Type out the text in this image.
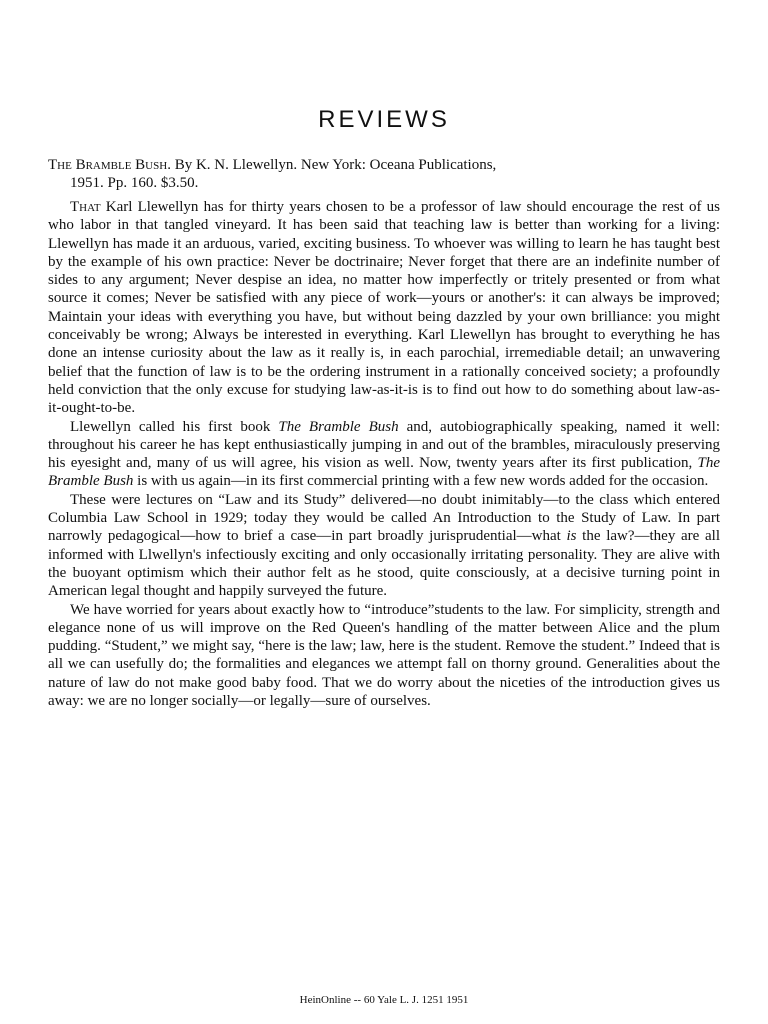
REVIEWS

The Bramble Bush. By K. N. Llewellyn. New York: Oceana Publications,
1951. Pp. 160. $3.50.

That Karl Llewellyn has for thirty years chosen to be a professor of law should encourage the rest of us who labor in that tangled vineyard. It has been said that teaching law is better than working for a living: Llewellyn has made it an arduous, varied, exciting business. To whoever was willing to learn he has taught best by the example of his own practice: Never be doctrinaire; Never forget that there are an indefinite number of sides to any argument; Never despise an idea, no matter how imperfectly or tritely presented or from what source it comes; Never be satisfied with any piece of work—yours or another's: it can always be improved; Maintain your ideas with everything you have, but without being dazzled by your own brilliance: you might conceivably be wrong; Always be interested in everything. Karl Llewellyn has brought to everything he has done an intense curiosity about the law as it really is, in each parochial, irremediable detail; an unwavering belief that the function of law is to be the ordering instrument in a rationally conceived society; a profoundly held conviction that the only excuse for studying law-as-it-is is to find out how to do something about law-as-it-ought-to-be.

Llewellyn called his first book The Bramble Bush and, autobiographically speaking, named it well: throughout his career he has kept enthusiastically jumping in and out of the brambles, miraculously preserving his eyesight and, many of us will agree, his vision as well. Now, twenty years after its first publication, The Bramble Bush is with us again—in its first commercial printing with a few new words added for the occasion.

These were lectures on “Law and its Study” delivered—no doubt inimitably—to the class which entered Columbia Law School in 1929; today they would be called An Introduction to the Study of Law. In part narrowly pedagogical—how to brief a case—in part broadly jurisprudential—what is the law?—they are all informed with Llwellyn's infectiously exciting and only occasionally irritating personality. They are alive with the buoyant optimism which their author felt as he stood, quite consciously, at a decisive turning point in American legal thought and happily surveyed the future.

We have worried for years about exactly how to “introduce”students to the law. For simplicity, strength and elegance none of us will improve on the Red Queen's handling of the matter between Alice and the plum pudding. “Student,” we might say, “here is the law; law, here is the student. Remove the student.” Indeed that is all we can usefully do; the formalities and elegances we attempt fall on thorny ground. Generalities about the nature of law do not make good baby food. That we do worry about the niceties of the introduction gives us away: we are no longer socially—or legally—sure of ourselves.

HeinOnline -- 60 Yale L. J. 1251 1951
